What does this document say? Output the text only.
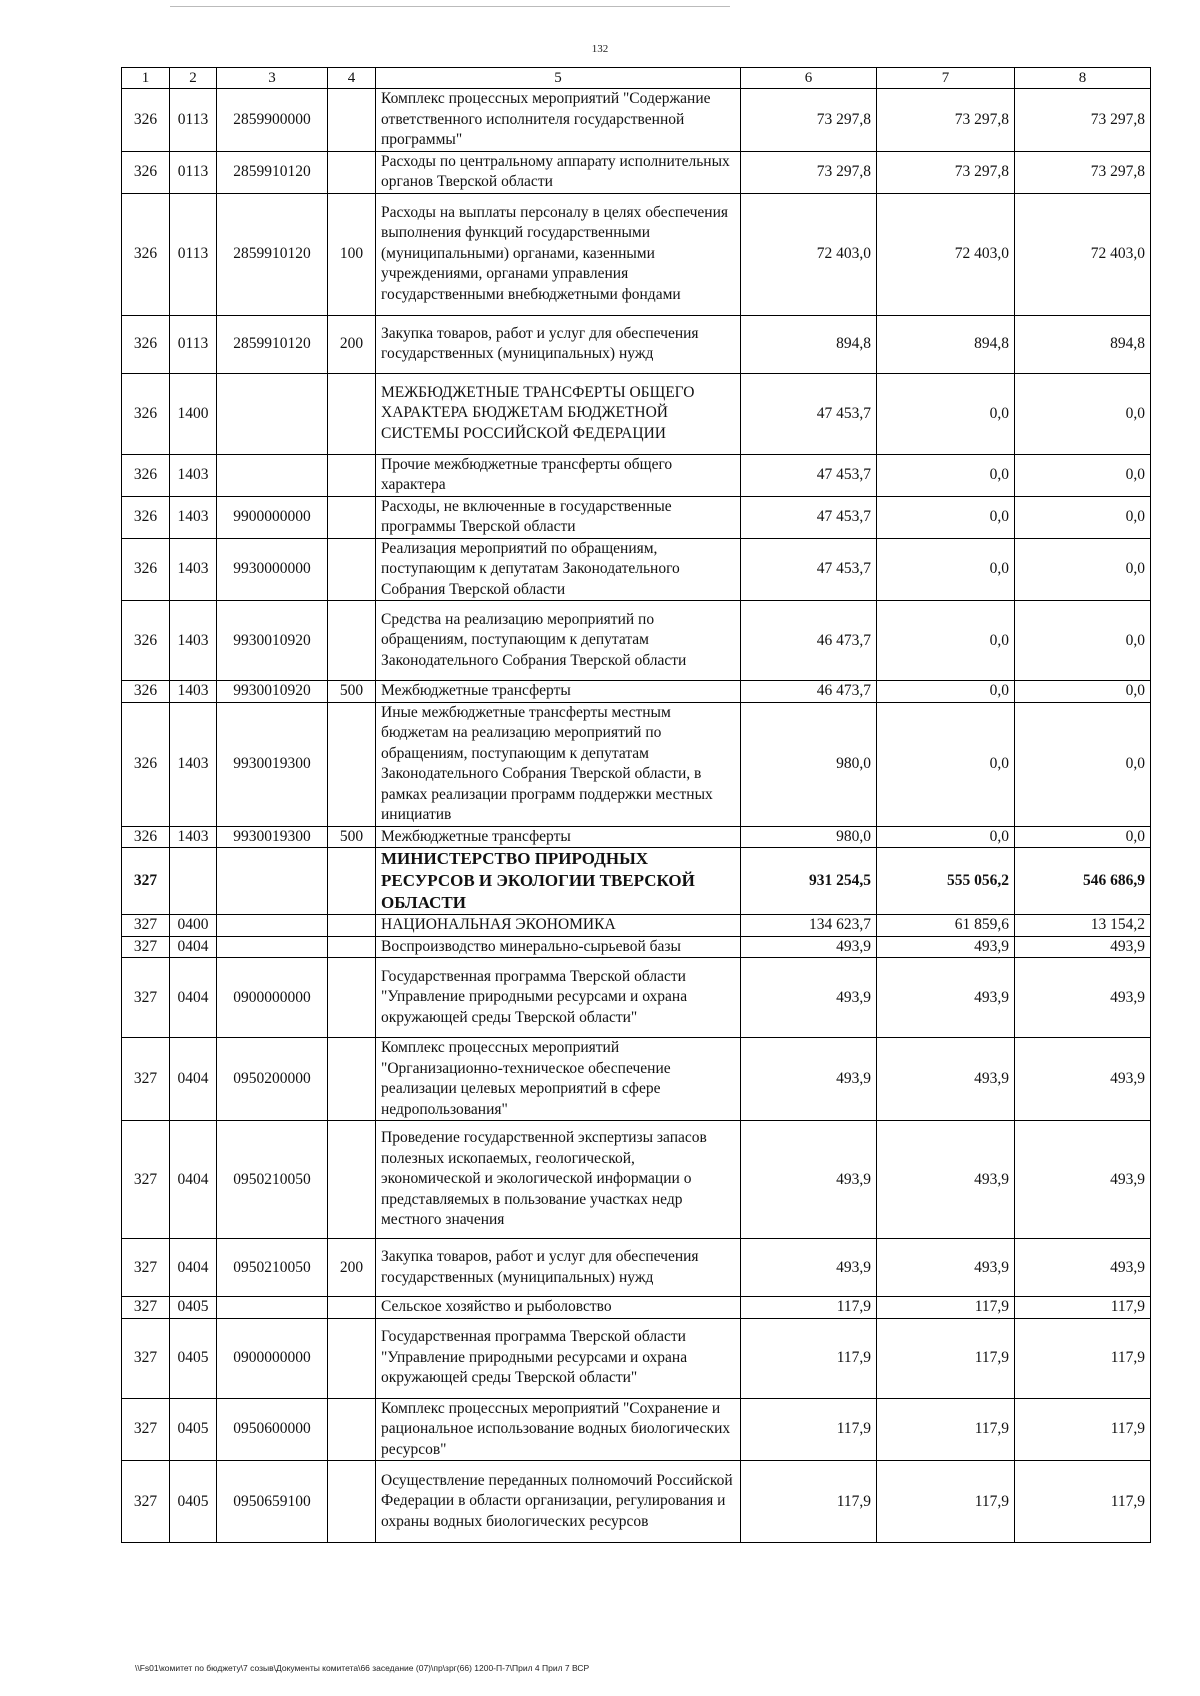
132
1	2	3	4	5	6	7	8
326	0113	2859900000		Комплекс процессных мероприятий "Содержание ответственного исполнителя государственной программы"	73 297,8	73 297,8	73 297,8
326	0113	2859910120		Расходы по центральному аппарату исполнительных органов Тверской области	73 297,8	73 297,8	73 297,8
326	0113	2859910120	100	Расходы на выплаты персоналу в целях обеспечения выполнения функций государственными (муниципальными) органами, казенными учреждениями, органами управления государственными внебюджетными фондами	72 403,0	72 403,0	72 403,0
326	0113	2859910120	200	Закупка товаров, работ и услуг для обеспечения государственных (муниципальных) нужд	894,8	894,8	894,8
326	1400			МЕЖБЮДЖЕТНЫЕ ТРАНСФЕРТЫ ОБЩЕГО ХАРАКТЕРА БЮДЖЕТАМ БЮДЖЕТНОЙ СИСТЕМЫ РОССИЙСКОЙ ФЕДЕРАЦИИ	47 453,7	0,0	0,0
326	1403			Прочие межбюджетные трансферты общего характера	47 453,7	0,0	0,0
326	1403	9900000000		Расходы, не включенные в государственные программы Тверской области	47 453,7	0,0	0,0
326	1403	9930000000		Реализация мероприятий по обращениям, поступающим к депутатам Законодательного Собрания Тверской области	47 453,7	0,0	0,0
326	1403	9930010920		Средства на реализацию мероприятий по обращениям, поступающим к депутатам Законодательного Собрания Тверской области	46 473,7	0,0	0,0
326	1403	9930010920	500	Межбюджетные трансферты	46 473,7	0,0	0,0
326	1403	9930019300		Иные межбюджетные трансферты местным бюджетам на реализацию мероприятий по обращениям, поступающим к депутатам Законодательного Собрания Тверской области, в рамках реализации программ поддержки местных инициатив	980,0	0,0	0,0
326	1403	9930019300	500	Межбюджетные трансферты	980,0	0,0	0,0
327				МИНИСТЕРСТВО ПРИРОДНЫХ РЕСУРСОВ И ЭКОЛОГИИ ТВЕРСКОЙ ОБЛАСТИ	931 254,5	555 056,2	546 686,9
327	0400			НАЦИОНАЛЬНАЯ ЭКОНОМИКА	134 623,7	61 859,6	13 154,2
327	0404			Воспроизводство минерально-сырьевой базы	493,9	493,9	493,9
327	0404	0900000000		Государственная программа Тверской области "Управление природными ресурсами и охрана окружающей среды Тверской области"	493,9	493,9	493,9
327	0404	0950200000		Комплекс процессных мероприятий "Организационно-техническое обеспечение реализации целевых мероприятий в сфере недропользования"	493,9	493,9	493,9
327	0404	0950210050		Проведение государственной экспертизы запасов полезных ископаемых, геологической, экономической и экологической информации о представляемых в пользование участках недр местного значения	493,9	493,9	493,9
327	0404	0950210050	200	Закупка товаров, работ и услуг для обеспечения государственных (муниципальных) нужд	493,9	493,9	493,9
327	0405			Сельское хозяйство и рыболовство	117,9	117,9	117,9
327	0405	0900000000		Государственная программа Тверской области "Управление природными ресурсами и охрана окружающей среды Тверской области"	117,9	117,9	117,9
327	0405	0950600000		Комплекс процессных мероприятий "Сохранение и рациональное использование водных биологических ресурсов"	117,9	117,9	117,9
327	0405	0950659100		Осуществление переданных полномочий Российской Федерации в области организации, регулирования и охраны водных биологических ресурсов	117,9	117,9	117,9
\\Fs01\комитет по бюджету\7 созыв\Документы комитета\66 заседание (07)\пр\зрг(66) 1200-П-7\Прил 4 Прил 7 ВСР
